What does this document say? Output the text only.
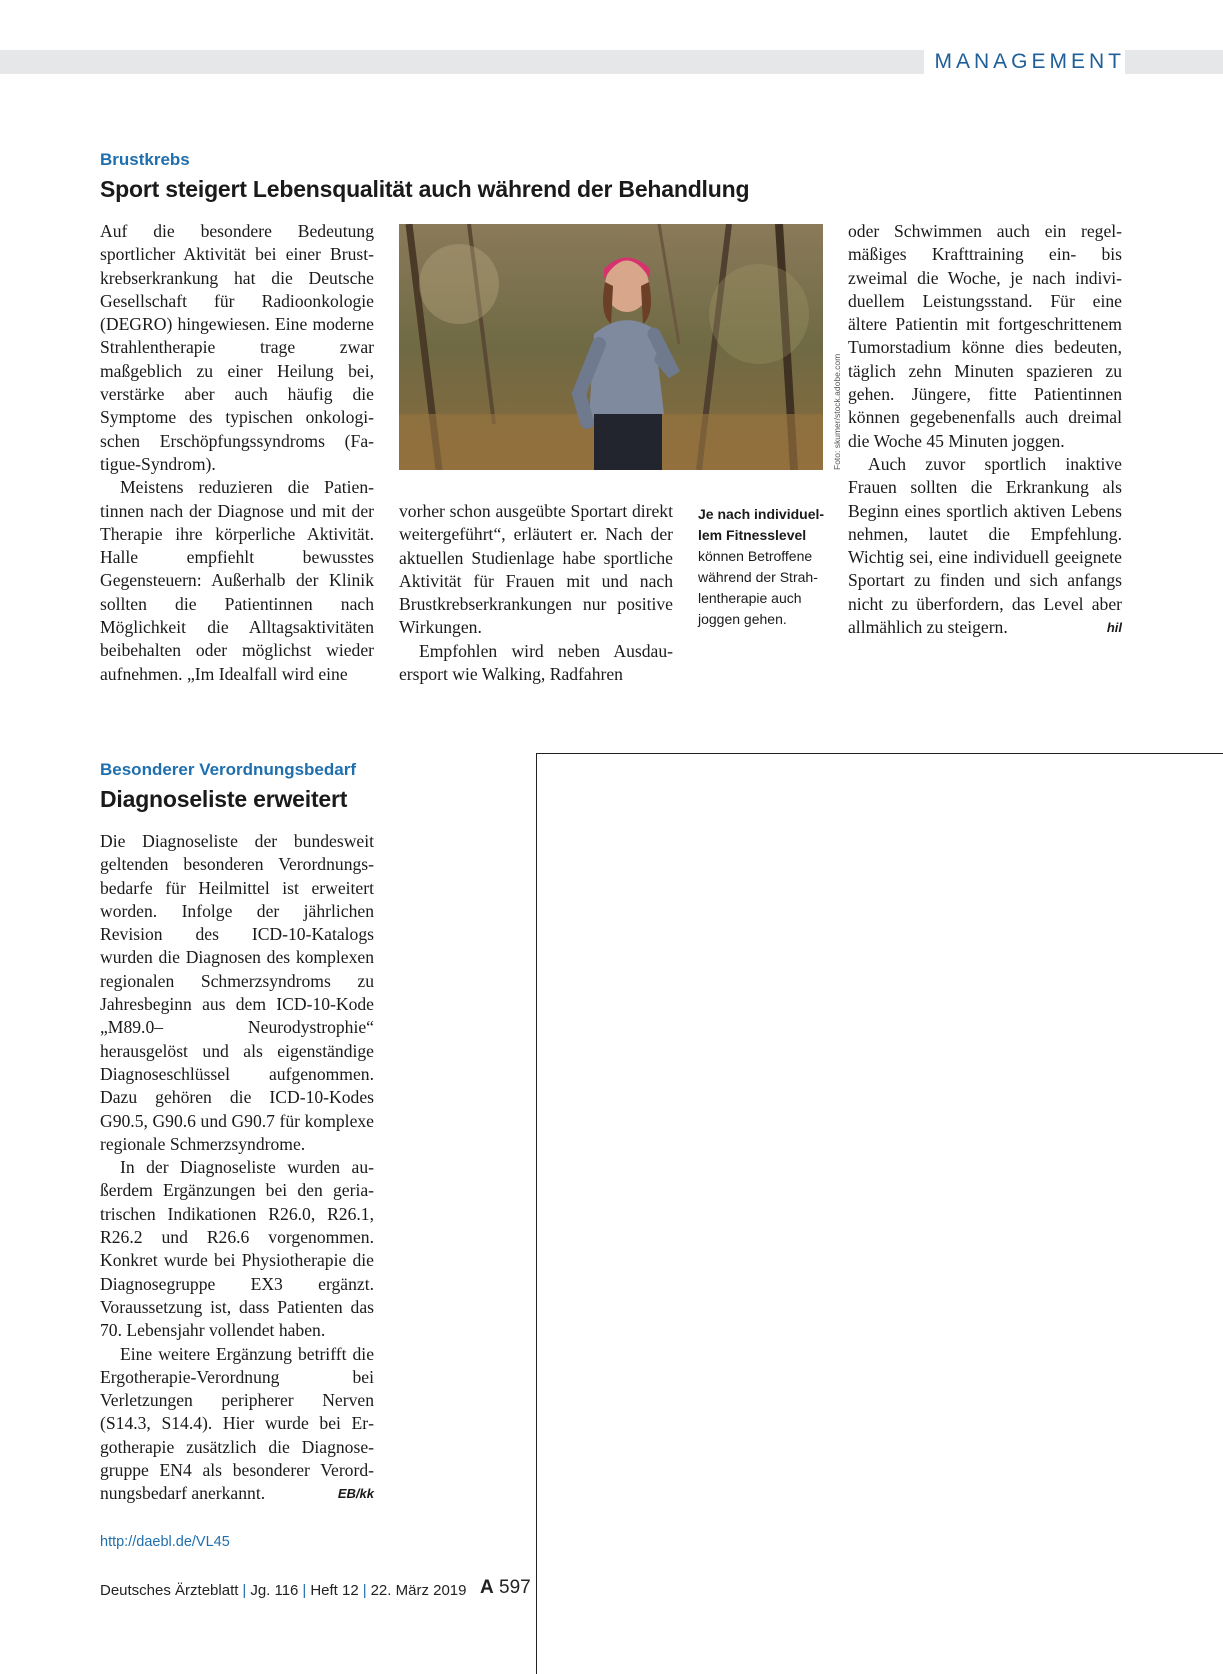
MANAGEMENT
Brustkrebs
Sport steigert Lebensqualität auch während der Behandlung

Auf die besondere Bedeutung sportlicher Aktivität bei einer Brustkrebserkrankung hat die Deutsche Gesellschaft für Radioonkologie (DEGRO) hingewiesen. Eine moderne Strahlentherapie trage zwar maßgeblich zu einer Heilung bei, verstärke aber auch häufig die Symptome des typischen onkologischen Erschöpfungssyndroms (Fatigue-Syndrom).

Meistens reduzieren die Patientinnen nach der Diagnose und mit der Therapie ihre körperliche Aktivität. Halle empfiehlt bewusstes Gegensteuern: Außerhalb der Klinik sollten die Patientinnen nach Möglichkeit die Alltagsaktivitäten beibehalten oder möglichst wieder aufnehmen. „Im Idealfall wird eine

Foto: skumer/stock.adobe.com

vorher schon ausgeübte Sportart direkt weitergeführt“, erläutert er. Nach der aktuellen Studienlage habe sportliche Aktivität für Frauen mit und nach Brustkrebserkrankungen nur positive Wirkungen.

Empfohlen wird neben Ausdauersport wie Walking, Radfahren

Je nach individuellem Fitnesslevel können Betroffene während der Strahlentherapie auch joggen gehen.

oder Schwimmen auch ein regelmäßiges Krafttraining ein- bis zweimal die Woche, je nach individuellem Leistungsstand. Für eine ältere Patientin mit fortgeschrittenem Tumorstadium könne dies bedeuten, täglich zehn Minuten spazieren zu gehen. Jüngere, fitte Patientinnen können gegebenenfalls auch dreimal die Woche 45 Minuten joggen.

Auch zuvor sportlich inaktive Frauen sollten die Erkrankung als Beginn eines sportlich aktiven Lebens nehmen, lautet die Empfehlung. Wichtig sei, eine individuell geeignete Sportart zu finden und sich anfangs nicht zu überfordern, das Level aber allmählich zu steigern.	hil

Besonderer Verordnungsbedarf
Diagnoseliste erweitert

Die Diagnoseliste der bundesweit geltenden besonderen Verordnungsbedarfe für Heilmittel ist erweitert worden. Infolge der jährlichen Revision des ICD-10-Katalogs wurden die Diagnosen des komplexen regionalen Schmerzsyndroms zu Jahresbeginn aus dem ICD-10-Kode „M89.0– Neurodystrophie“ herausgelöst und als eigenständige Diagnoseschlüssel aufgenommen. Dazu gehören die ICD-10-Kodes G90.5, G90.6 und G90.7 für komplexe regionale Schmerzsyndrome.

In der Diagnoseliste wurden außerdem Ergänzungen bei den geriatrischen Indikationen R26.0, R26.1, R26.2 und R26.6 vorgenommen. Konkret wurde bei Physiotherapie die Diagnosegruppe EX3 ergänzt. Voraussetzung ist, dass Patienten das 70. Lebensjahr vollendet haben.

Eine weitere Ergänzung betrifft die Ergotherapie-Verordnung bei Verletzungen peripherer Nerven (S14.3, S14.4). Hier wurde bei Ergotherapie zusätzlich die Diagnosegruppe EN4 als besonderer Verordnungsbedarf anerkannt.	EB/kk

http://daebl.de/VL45
Deutsches Ärzteblatt | Jg. 116 | Heft 12 | 22. März 2019 A 597
